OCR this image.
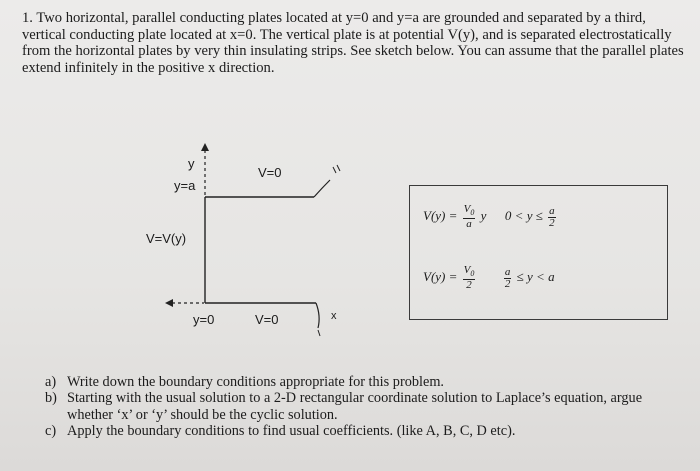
1. Two horizontal, parallel conducting plates located at y=0 and y=a are grounded and separated by a third, vertical conducting plate located at x=0. The vertical plate is at potential V(y), and is separated electrostatically from the horizontal plates by very thin insulating strips. See sketch below. You can assume that the parallel plates extend infinitely in the positive x direction.

y
y=a
V=0
V=V(y)
y=0	V=0	x
$V(y) = \frac{V_0}{a}$ y $0 < y \le \frac{a}{2}$
$V(y) = \frac{V_0}{2}$
	$\frac{a}{2} \le y < a$
a) Write down the boundary conditions appropriate for this problem.
b) Starting with the usual solution to a 2-D rectangular coordinate solution to Laplace’s equation, argue whether ‘x’ or ‘y’ should be the cyclic solution.
c) Apply the boundary conditions to find usual coefficients. (like A, B, C, D etc).
